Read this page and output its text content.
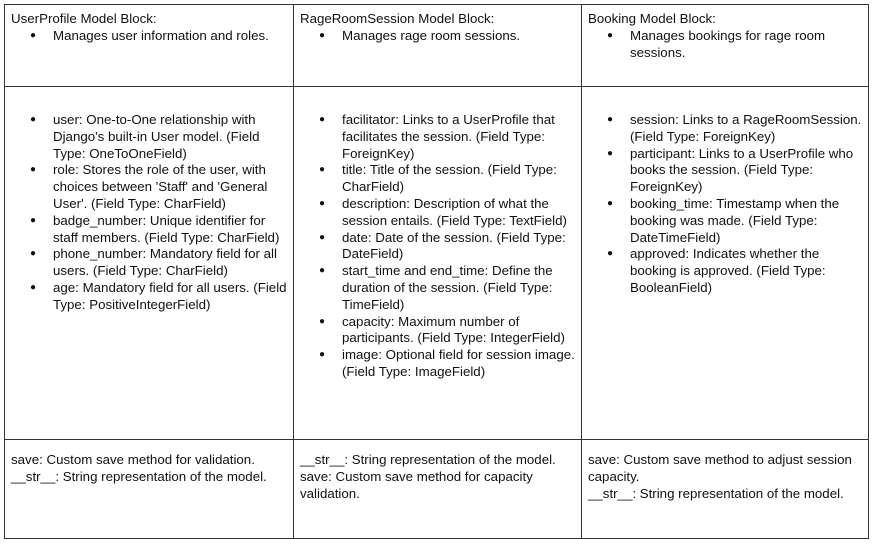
UserProfile Model Block:
● Manages user information and roles.
RageRoomSession Model Block:
● Manages rage room sessions.
Booking Model Block:
● Manages bookings for rage room sessions.
● user: One-to-One relationship with Django's built-in User model. (Field Type: OneToOneField)
● role: Stores the role of the user, with choices between 'Staff' and 'General User'. (Field Type: CharField)
● badge_number: Unique identifier for staff members. (Field Type: CharField)
● phone_number: Mandatory field for all users. (Field Type: CharField)
● age: Mandatory field for all users. (Field Type: PositiveIntegerField)
● facilitator: Links to a UserProfile that facilitates the session. (Field Type: ForeignKey)
● title: Title of the session. (Field Type: CharField)
● description: Description of what the session entails. (Field Type: TextField)
● date: Date of the session. (Field Type: DateField)
● start_time and end_time: Define the duration of the session. (Field Type: TimeField)
● capacity: Maximum number of participants. (Field Type: IntegerField)
● image: Optional field for session image. (Field Type: ImageField)
● session: Links to a RageRoomSession. (Field Type: ForeignKey)
● participant: Links to a UserProfile who books the session. (Field Type: ForeignKey)
● booking_time: Timestamp when the booking was made. (Field Type: DateTimeField)
● approved: Indicates whether the booking is approved. (Field Type: BooleanField)
save: Custom save method for validation.
__str__: String representation of the model.
__str__: String representation of the model.
save: Custom save method for capacity validation.
save: Custom save method to adjust session capacity.
__str__: String representation of the model.
